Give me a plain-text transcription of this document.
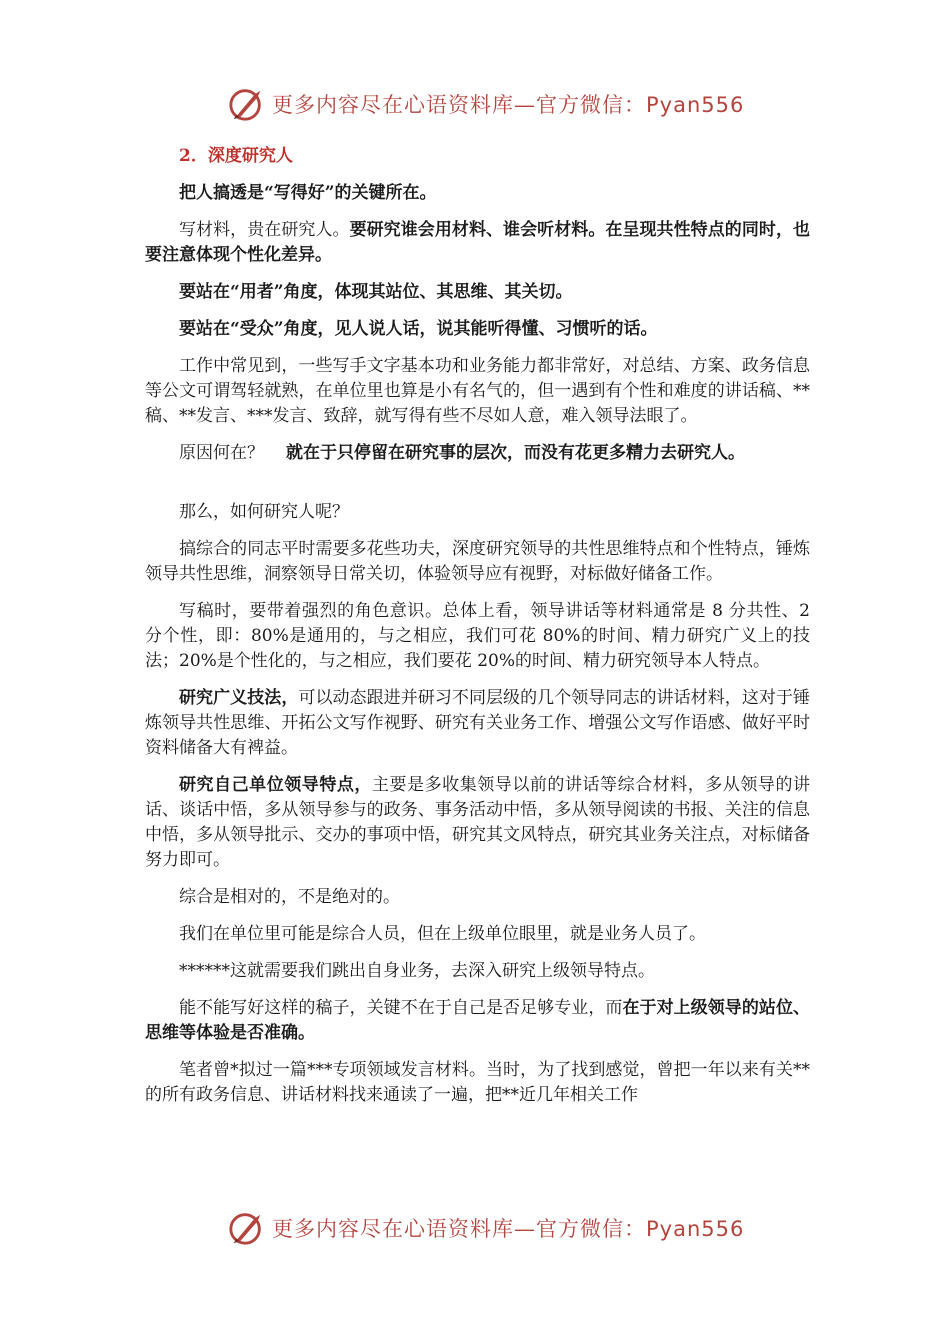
更多内容尽在心语资料库—官方微信：Pyan556

2．深度研究人

把人搞透是“写得好”的关键所在。

写材料，贵在研究人。要研究谁会用材料、谁会听材料。在呈现共性特点的同时，也要注意体现个性化差异。

要站在“用者”角度，体现其站位、其思维、其关切。

要站在“受众”角度，见人说人话，说其能听得懂、习惯听的话。

工作中常见到，一些写手文字基本功和业务能力都非常好，对总结、方案、政务信息等公文可谓驾轻就熟，在单位里也算是小有名气的，但一遇到有个性和难度的讲话稿、**稿、**发言、***发言、致辞，就写得有些不尽如人意，难入领导法眼了。

原因何在？ 就在于只停留在研究事的层次，而没有花更多精力去研究人。

那么，如何研究人呢？

搞综合的同志平时需要多花些功夫，深度研究领导的共性思维特点和个性特点，锤炼领导共性思维，洞察领导日常关切，体验领导应有视野，对标做好储备工作。

写稿时，要带着强烈的角色意识。总体上看，领导讲话等材料通常是 8 分共性、2 分个性，即：80%是通用的，与之相应，我们可花 80%的时间、精力研究广义上的技法；20%是个性化的，与之相应，我们要花 20%的时间、精力研究领导本人特点。

研究广义技法，可以动态跟进并研习不同层级的几个领导同志的讲话材料，这对于锤炼领导共性思维、开拓公文写作视野、研究有关业务工作、增强公文写作语感、做好平时资料储备大有裨益。

研究自己单位领导特点，主要是多收集领导以前的讲话等综合材料，多从领导的讲话、谈话中悟，多从领导参与的政务、事务活动中悟，多从领导阅读的书报、关注的信息中悟，多从领导批示、交办的事项中悟，研究其文风特点，研究其业务关注点，对标储备努力即可。

综合是相对的，不是绝对的。

我们在单位里可能是综合人员，但在上级单位眼里，就是业务人员了。

******这就需要我们跳出自身业务，去深入研究上级领导特点。

能不能写好这样的稿子，关键不在于自己是否足够专业，而在于对上级领导的站位、思维等体验是否准确。

笔者曾*拟过一篇***专项领域发言材料。当时，为了找到感觉，曾把一年以来有关**的所有政务信息、讲话材料找来通读了一遍，把**近几年相关工作

更多内容尽在心语资料库—官方微信：Pyan556
